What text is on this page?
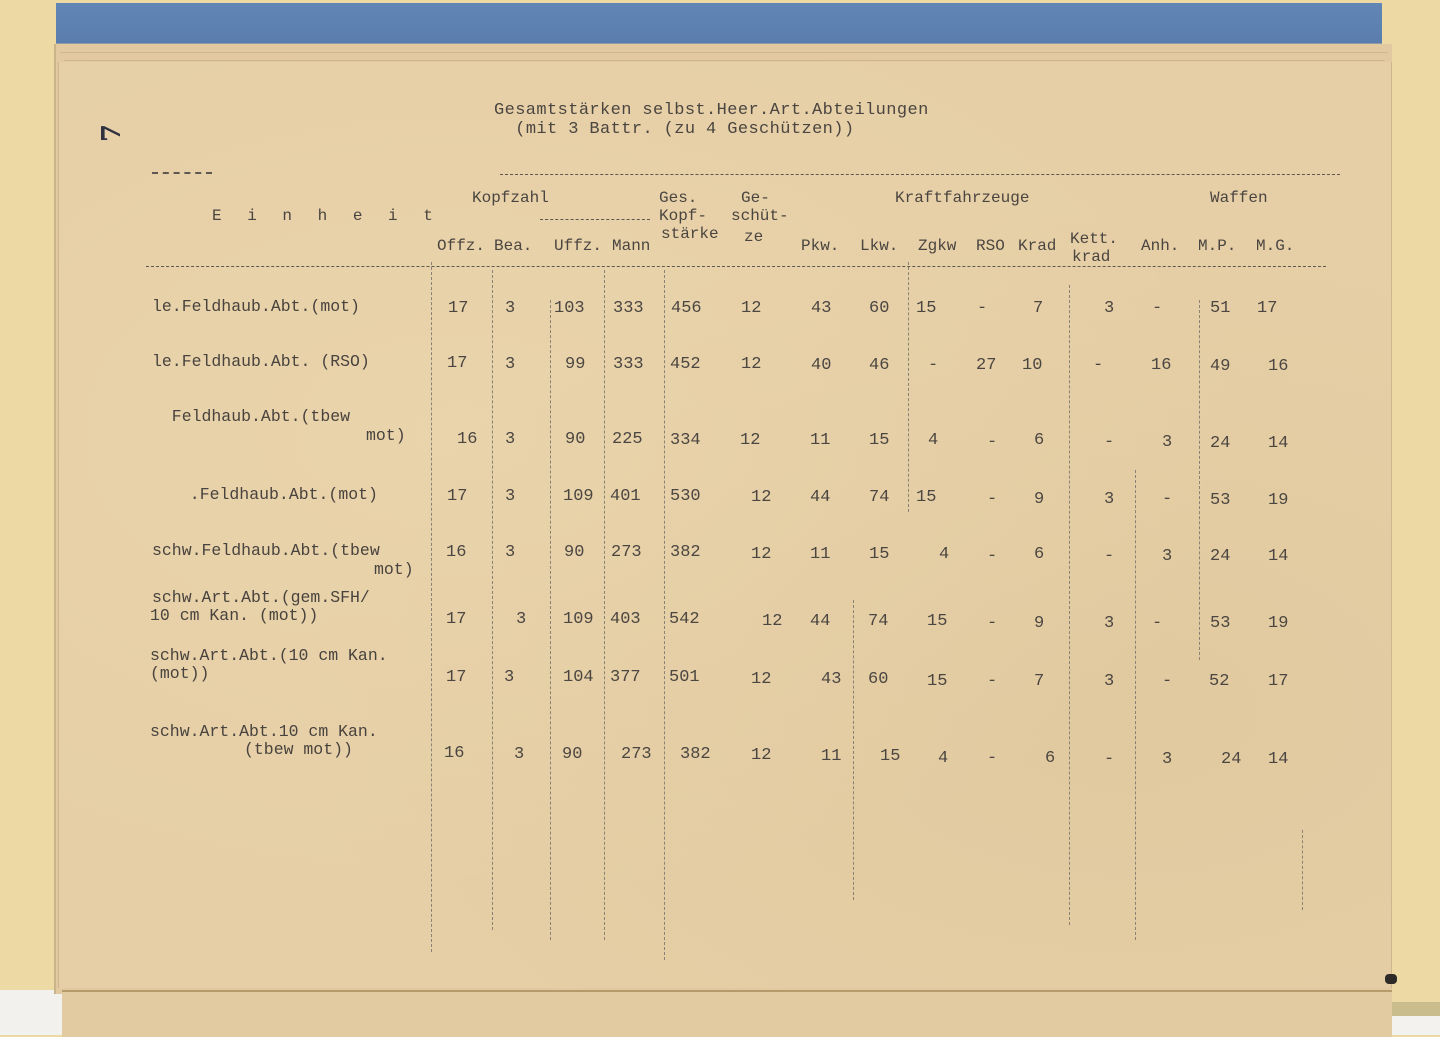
7
Gesamtstärken selbst.Heer.Art.Abteilungen
(mit 3 Battr. (zu 4 Geschützen))
E i n h e i t
Kopfzahl	Ges.
Kopf-
stärke
Ge-
schüt-
ze
Kraftfahrzeuge	Waffen
Offz. Bea. Uffz. Mann	Pkw. Lkw. Zgkw RSO Krad Kett.
krad
Anh. M.P. M.G.
le.Feldhaub.Abt.(mot)	17 3 103 333 456 12	43 60 15 -	7	3 -	51 17
le.Feldhaub.Abt. (RSO)	17 3	99 333 452 12	40 46 - 27 10	-	16 49 16
Feldhaub.Abt.(tbew
mot)	16 3	90 225 334 12	11 15 4	- 6	-	3 24 14
.Feldhaub.Abt.(mot)	17 3	109 401 530	12 44 74 15	- 9	3	- 53 19
schw.Feldhaub.Abt.(tbew
mot)
16 3	90 273 382	12 11 15	4 - 6	-	3 24 14
schw.Art.Abt.(gem.SFH/
10 cm Kan. (mot))	17	3 109 403 542	12 44 74 15 - 9	3 -	53 19
schw.Art.Abt.(10 cm Kan.
(mot))	17 3	104 377 501	12	43 60 15 - 7	3	- 52 17
schw.Art.Abt.10 cm Kan.
(tbew mot))	16	3 90 273 382 12	11 15 4 -	6	-	3	24 14
